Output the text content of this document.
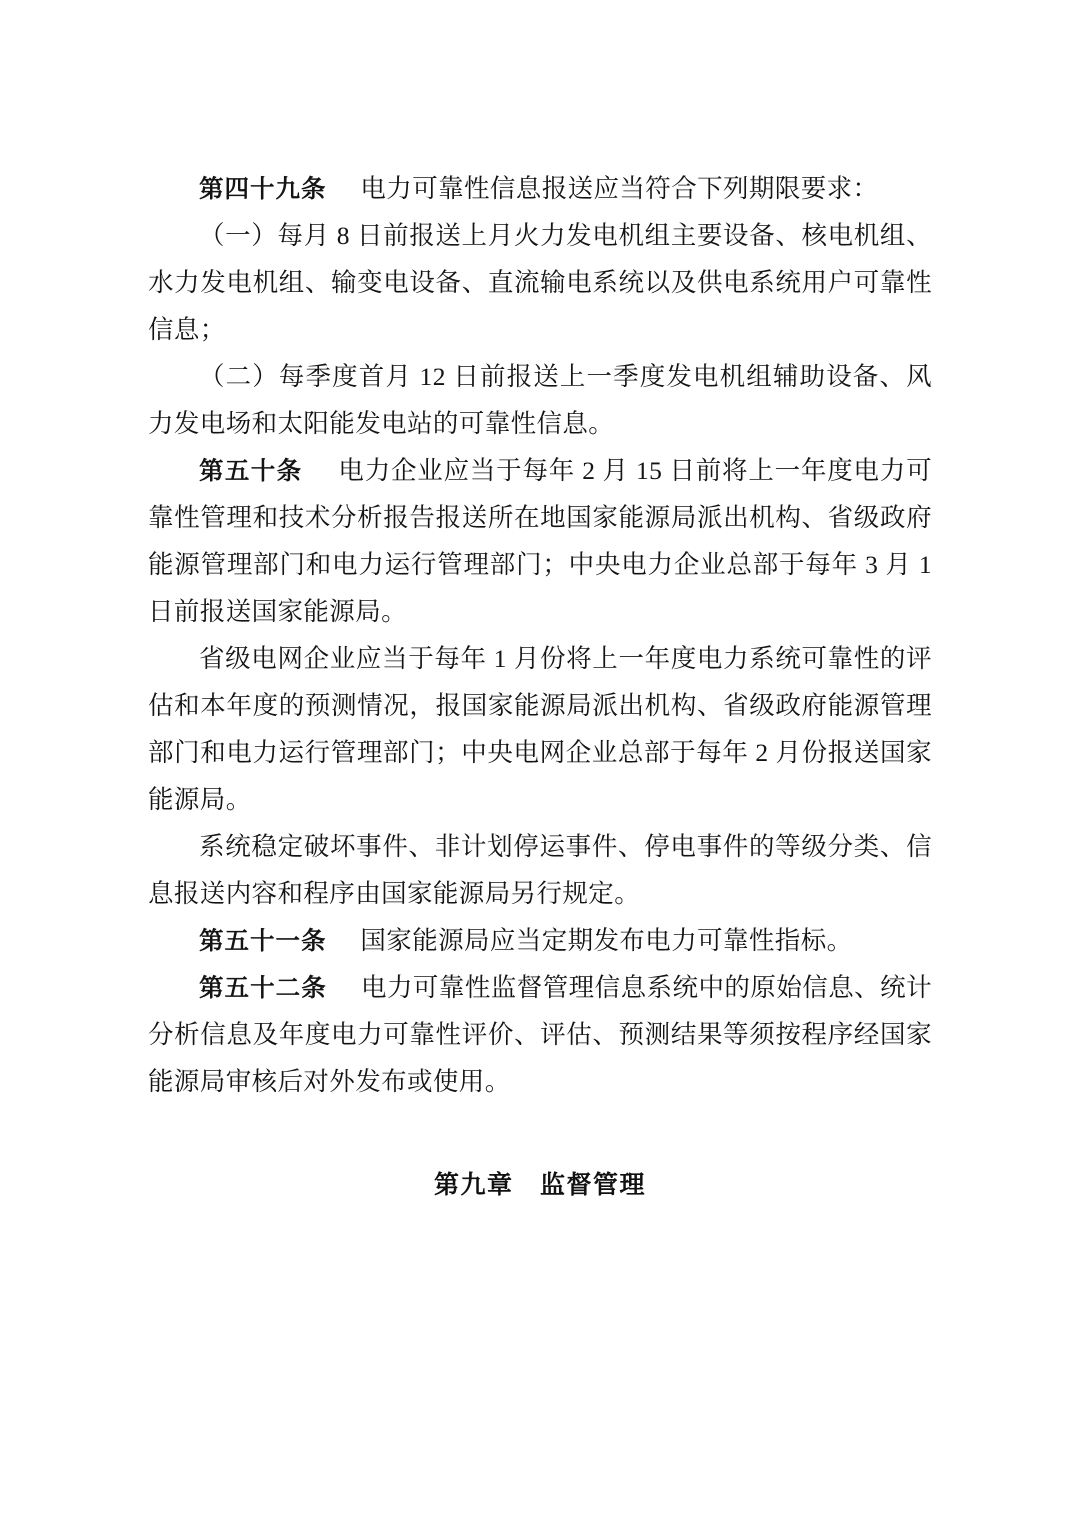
第四十九条 电力可靠性信息报送应当符合下列期限要求：

（一）每月 8 日前报送上月火力发电机组主要设备、核电机组、水力发电机组、输变电设备、直流输电系统以及供电系统用户可靠性信息；

（二）每季度首月 12 日前报送上一季度发电机组辅助设备、风力发电场和太阳能发电站的可靠性信息。

第五十条 电力企业应当于每年 2 月 15 日前将上一年度电力可靠性管理和技术分析报告报送所在地国家能源局派出机构、省级政府能源管理部门和电力运行管理部门；中央电力企业总部于每年 3 月 1 日前报送国家能源局。

省级电网企业应当于每年 1 月份将上一年度电力系统可靠性的评估和本年度的预测情况，报国家能源局派出机构、省级政府能源管理部门和电力运行管理部门；中央电网企业总部于每年 2 月份报送国家能源局。

系统稳定破坏事件、非计划停运事件、停电事件的等级分类、信息报送内容和程序由国家能源局另行规定。

第五十一条 国家能源局应当定期发布电力可靠性指标。

第五十二条 电力可靠性监督管理信息系统中的原始信息、统计分析信息及年度电力可靠性评价、评估、预测结果等须按程序经国家能源局审核后对外发布或使用。

第九章　监督管理
